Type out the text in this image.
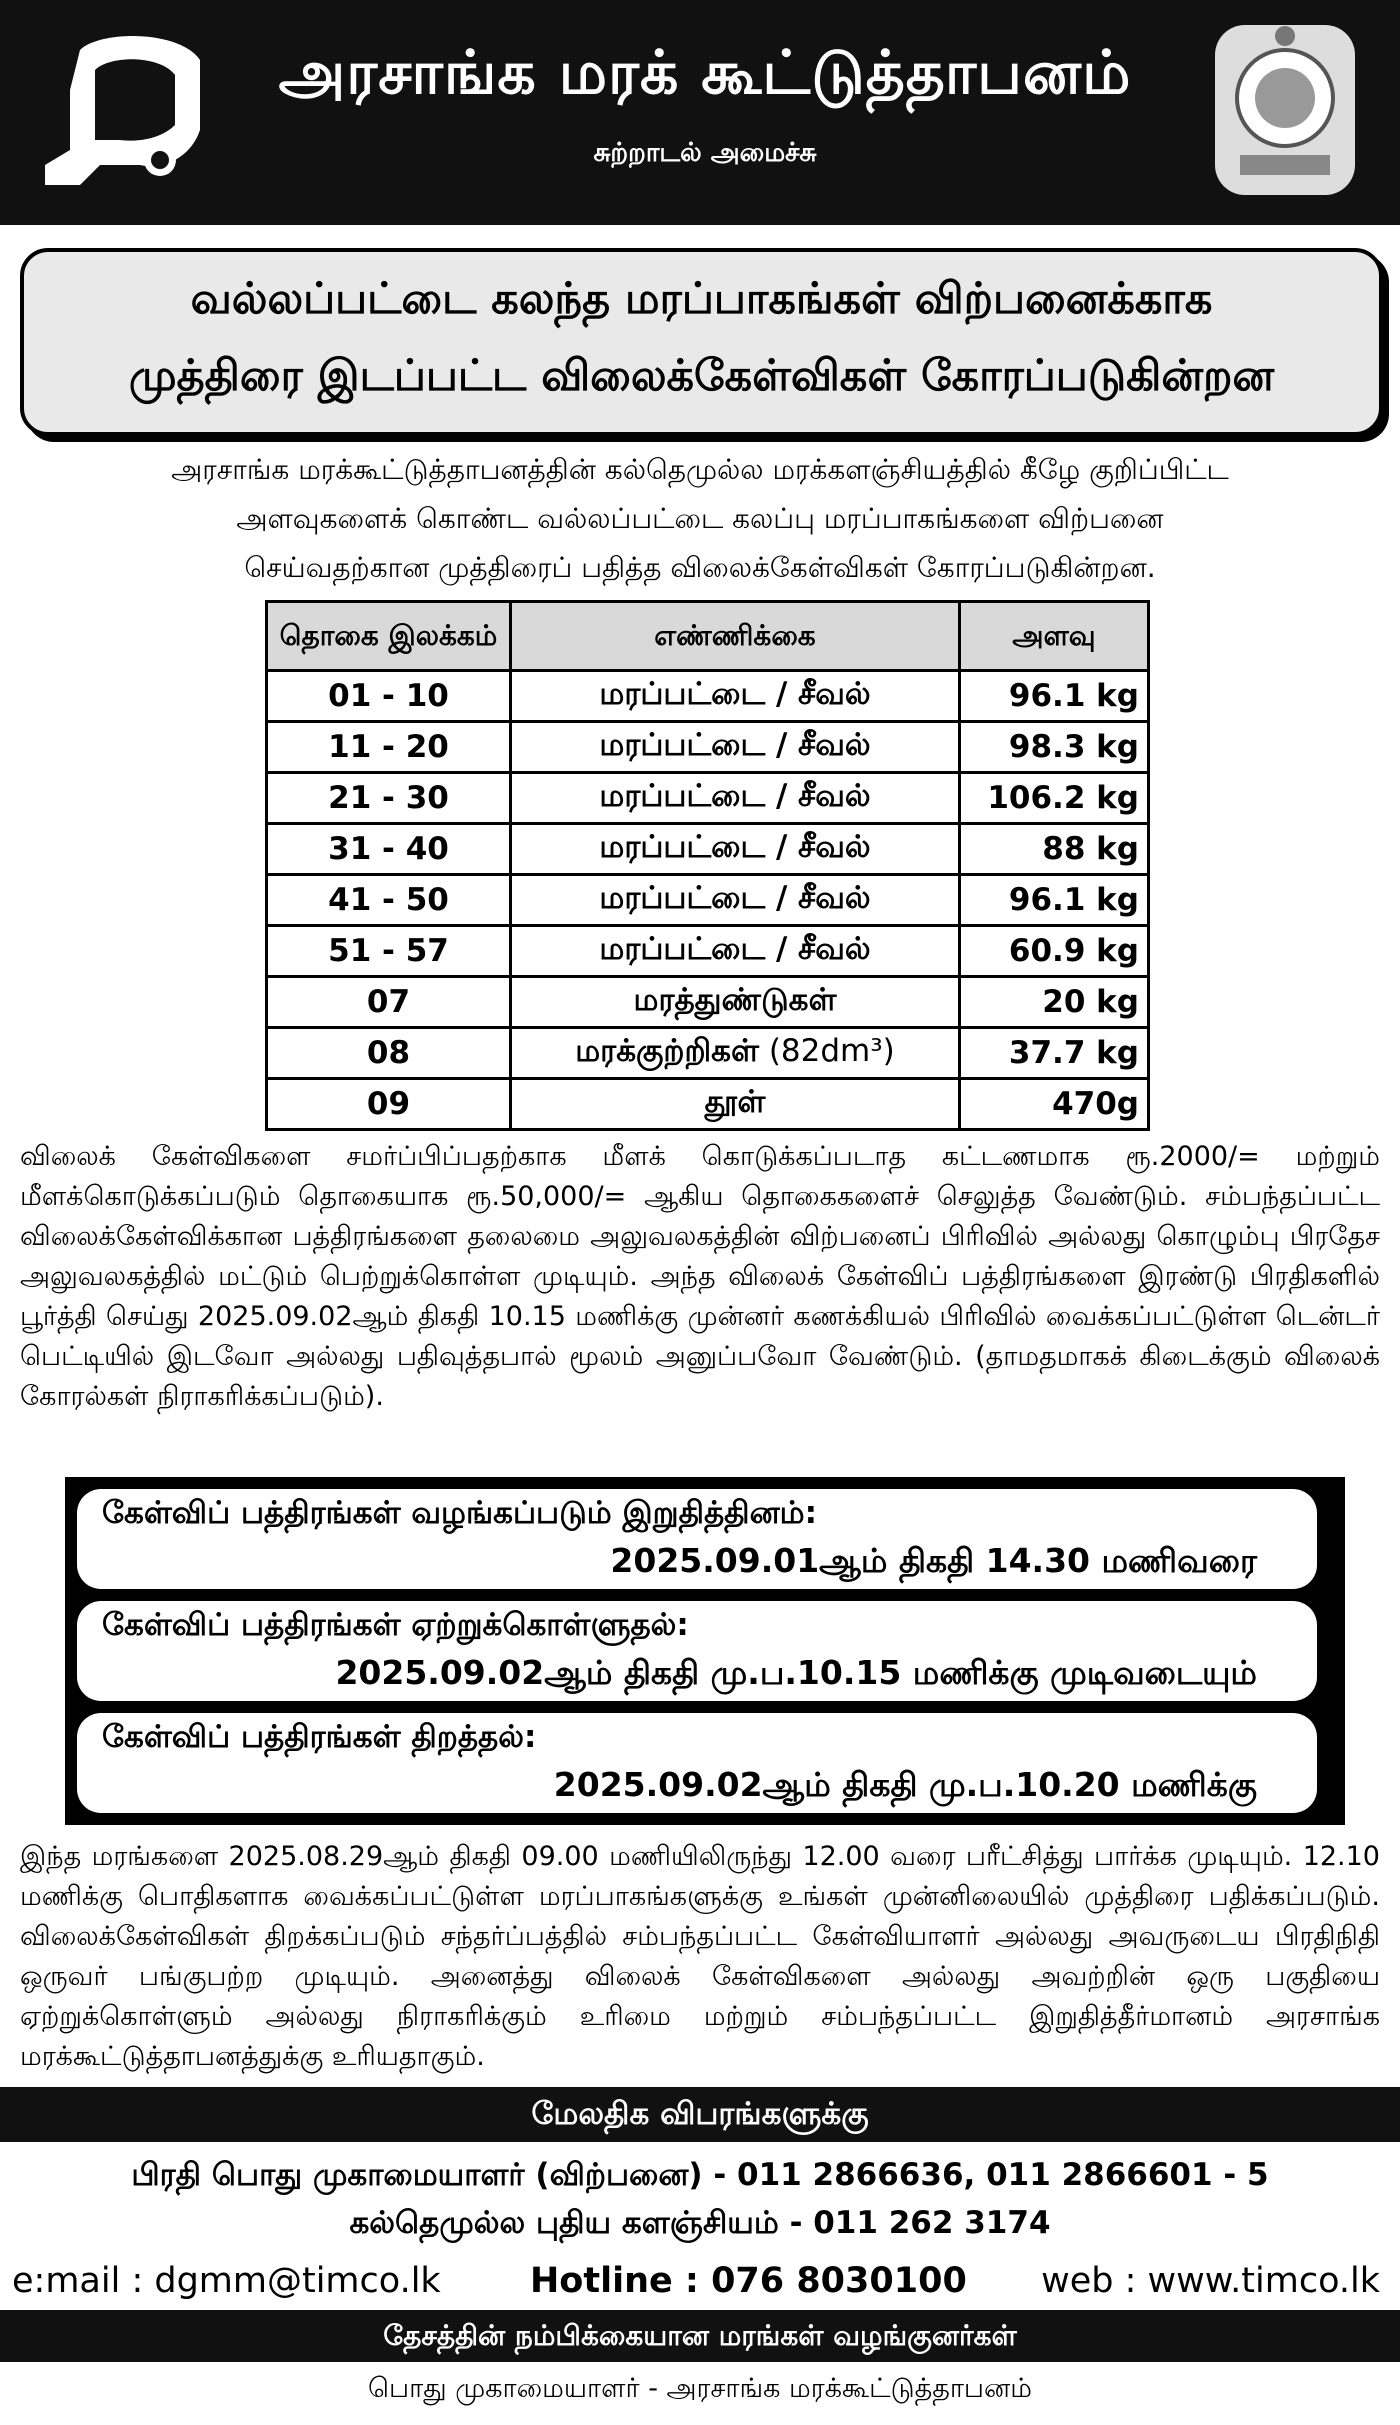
அரசாங்க மரக் கூட்டுத்தாபனம்
சுற்றாடல் அமைச்சு
வல்லப்பட்டை கலந்த மரப்பாகங்கள் விற்பனைக்காக
முத்திரை இடப்பட்ட விலைக்கேள்விகள் கோரப்படுகின்றன
அரசாங்க மரக்கூட்டுத்தாபனத்தின் கல்தெமுல்ல மரக்களஞ்சியத்தில் கீழே குறிப்பிட்ட
அளவுகளைக் கொண்ட வல்லப்பட்டை கலப்பு மரப்பாகங்களை விற்பனை
செய்வதற்கான முத்திரைப் பதித்த விலைக்கேள்விகள் கோரப்படுகின்றன.
தொகை இலக்கம்	எண்ணிக்கை	அளவு
01 - 10	மரப்பட்டை / சீவல்	96.1 kg
11 - 20	மரப்பட்டை / சீவல்	98.3 kg
21 - 30	மரப்பட்டை / சீவல்	106.2 kg
31 - 40	மரப்பட்டை / சீவல்	88 kg
41 - 50	மரப்பட்டை / சீவல்	96.1 kg
51 - 57	மரப்பட்டை / சீவல்	60.9 kg
07	மரத்துண்டுகள்	20 kg
08	மரக்குற்றிகள் (82dm³)	37.7 kg
09	தூள்	470g
விலைக் கேள்விகளை சமர்ப்பிப்பதற்காக மீளக் கொடுக்கப்படாத கட்டணமாக ரூ.2000/= மற்றும் மீளக்கொடுக்கப்படும் தொகையாக ரூ.50,000/= ஆகிய தொகைகளைச் செலுத்த வேண்டும். சம்பந்தப்பட்ட விலைக்கேள்விக்கான பத்திரங்களை தலைமை அலுவலகத்தின் விற்பனைப் பிரிவில் அல்லது கொழும்பு பிரதேச அலுவலகத்தில் மட்டும் பெற்றுக்கொள்ள முடியும். அந்த விலைக் கேள்விப் பத்திரங்களை இரண்டு பிரதிகளில் பூர்த்தி செய்து 2025.09.02ஆம் திகதி 10.15 மணிக்கு முன்னர் கணக்கியல் பிரிவில் வைக்கப்பட்டுள்ள டென்டர் பெட்டியில் இடவோ அல்லது பதிவுத்தபால் மூலம் அனுப்பவோ வேண்டும். (தாமதமாகக் கிடைக்கும் விலைக் கோரல்கள் நிராகரிக்கப்படும்).
கேள்விப் பத்திரங்கள் வழங்கப்படும் இறுதித்தினம்:
2025.09.01ஆம் திகதி 14.30 மணிவரை
கேள்விப் பத்திரங்கள் ஏற்றுக்கொள்ளுதல்:
2025.09.02ஆம் திகதி மு.ப.10.15 மணிக்கு முடிவடையும்
கேள்விப் பத்திரங்கள் திறத்தல்:
2025.09.02ஆம் திகதி மு.ப.10.20 மணிக்கு
இந்த மரங்களை 2025.08.29ஆம் திகதி 09.00 மணியிலிருந்து 12.00 வரை பரீட்சித்து பார்க்க முடியும். 12.10 மணிக்கு பொதிகளாக வைக்கப்பட்டுள்ள மரப்பாகங்களுக்கு உங்கள் முன்னிலையில் முத்திரை பதிக்கப்படும். விலைக்கேள்விகள் திறக்கப்படும் சந்தர்ப்பத்தில் சம்பந்தப்பட்ட கேள்வியாளர் அல்லது அவருடைய பிரதிநிதி ஒருவர் பங்குபற்ற முடியும். அனைத்து விலைக் கேள்விகளை அல்லது அவற்றின் ஒரு பகுதியை ஏற்றுக்கொள்ளும் அல்லது நிராகரிக்கும் உரிமை மற்றும் சம்பந்தப்பட்ட இறுதித்தீர்மானம் அரசாங்க மரக்கூட்டுத்தாபனத்துக்கு உரியதாகும்.
மேலதிக விபரங்களுக்கு
பிரதி பொது முகாமையாளர் (விற்பனை) - 011 2866636, 011 2866601 - 5
கல்தெமுல்ல புதிய களஞ்சியம் - 011 262 3174
e:mail : dgmm@timco.lk	Hotline : 076 8030100 web : www.timco.lk
தேசத்தின் நம்பிக்கையான மரங்கள் வழங்குனர்கள்
பொது முகாமையாளர் - அரசாங்க மரக்கூட்டுத்தாபனம்
